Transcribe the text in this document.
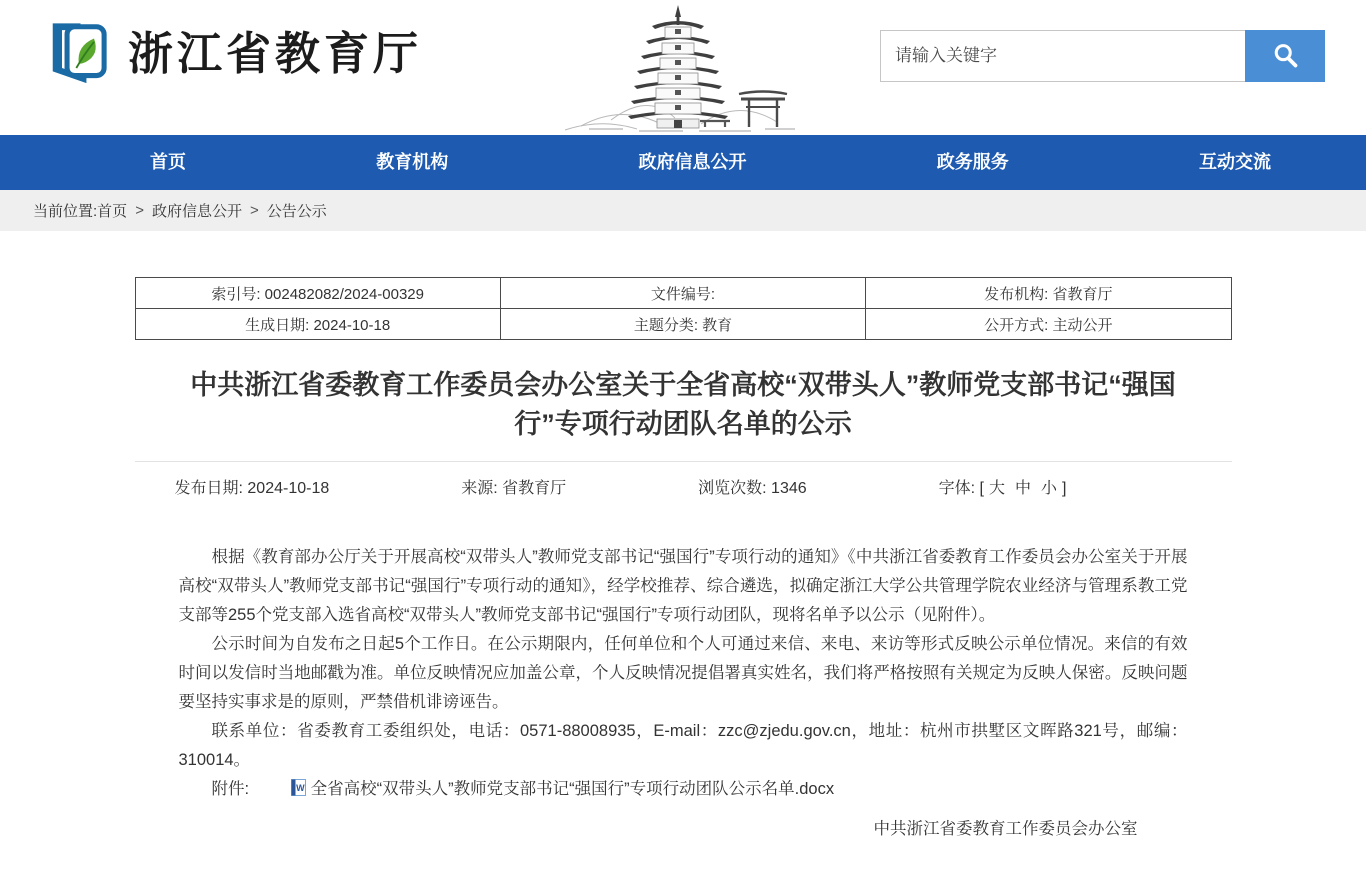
浙江省教育厅
请输入关键字
首页	教育机构	政府信息公开	政务服务	互动交流
当前位置: 首页 > 政府信息公开 > 公告公示
索引号: 002482082/2024-00329	文件编号:	发布机构: 省教育厅
生成日期: 2024-10-18	主题分类: 教育	公开方式: 主动公开
中共浙江省委教育工作委员会办公室关于全省高校“双带头人”教师党支部书记“强国行”专项行动团队名单的公示
发布日期: 2024-10-18	来源: 省教育厅	浏览次数: 1346	字体: [ 大 中 小 ]

根据《教育部办公厅关于开展高校“双带头人”教师党支部书记“强国行”专项行动的通知》《中共浙江省委教育工作委员会办公室关于开展高校“双带头人”教师党支部书记“强国行”专项行动的通知》，经学校推荐、综合遴选，拟确定浙江大学公共管理学院农业经济与管理系教工党支部等255个党支部入选省高校“双带头人”教师党支部书记“强国行”专项行动团队，现将名单予以公示（见附件）。

公示时间为自发布之日起5个工作日。在公示期限内，任何单位和个人可通过来信、来电、来访等形式反映公示单位情况。来信的有效时间以发信时当地邮戳为准。单位反映情况应加盖公章，个人反映情况提倡署真实姓名，我们将严格按照有关规定为反映人保密。反映问题要坚持实事求是的原则，严禁借机诽谤诬告。

联系单位：省委教育工委组织处，电话：0571-88008935，E-mail：zzc@zjedu.gov.cn，地址：杭州市拱墅区文晖路321号，邮编：310014。

附件:	W 全省高校“双带头人”教师党支部书记“强国行”专项行动团队公示名单.docx
中共浙江省委教育工作委员会办公室
